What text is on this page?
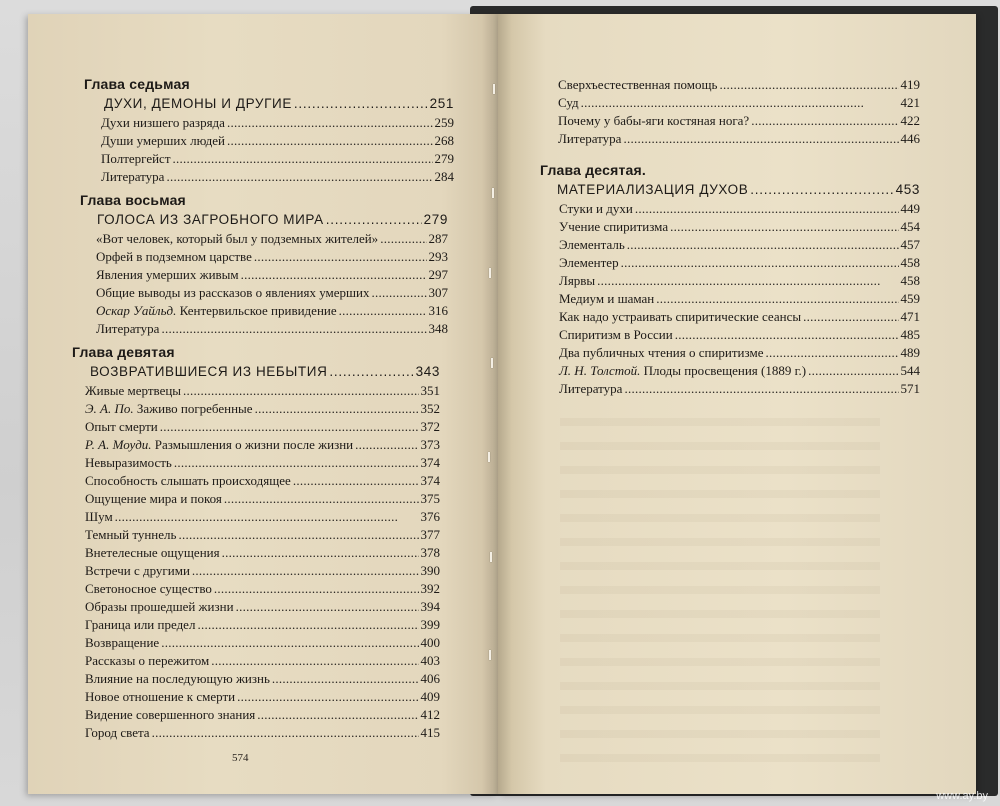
Глава седьмая
ДУХИ, ДЕМОНЫ И ДРУГИЕ . . .	251
Духи низшего разряда . . .	259
Души умерших людей . . .	268
Полтергейст . . .	279
Литература . . .	284
Глава восьмая
ГОЛОСА ИЗ ЗАГРОБНОГО МИРА . . .	279
«Вот человек, который был у подземных жителей» . . .	287
Орфей в подземном царстве . . .	293
Явления умерших живым . . .	297
Общие выводы из рассказов о явлениях умерших . . .	307
Оскар Уайльд. Кентервильское привидение . . .	316
Литература . . .	348
Глава девятая
ВОЗВРАТИВШИЕСЯ ИЗ НЕБЫТИЯ . . .	343
Живые мертвецы . . .	351
Э. А. По. Заживо погребенные . . .	352
Опыт смерти . . .	372
Р. А. Моуди. Размышления о жизни после жизни . . .	373
Невыразимость . . .	374
Способность слышать происходящее . . .	374
Ощущение мира и покоя . . .	375
Шум . . .	376
Темный туннель . . .	377
Внетелесные ощущения . . .	378
Встречи с другими . . .	390
Светоносное существо . . .	392
Образы прошедшей жизни . . .	394
Граница или предел . . .	399
Возвращение . . .	400
Рассказы о пережитом . . .	403
Влияние на последующую жизнь . . .	406
Новое отношение к смерти . . .	409
Видение совершенного знания . . .	412
Город света . . .	415
574
Сверхъестественная помощь . . .	419
Суд . . .	421
Почему у бабы-яги костяная нога? . . .	422
Литература . . .	446
Глава десятая.
МАТЕРИАЛИЗАЦИЯ ДУХОВ . . .	453
Стуки и духи . . .	449
Учение спиритизма . . .	454
Элементаль . . .	457
Элементер . . .	458
Лярвы . . .	458
Медиум и шаман . . .	459
Как надо устраивать спиритические сеансы . . .	471
Спиритизм в России . . .	485
Два публичных чтения о спиритизме . . .	489
Л. Н. Толстой. Плоды просвещения (1889 г.) . . .	544
Литература . . .	571
www.ay.by
